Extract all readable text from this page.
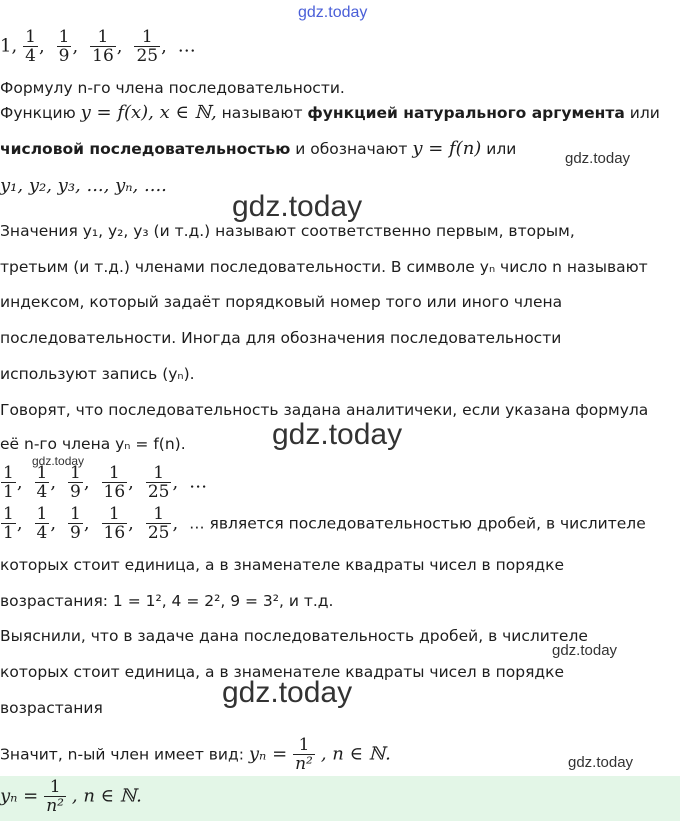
gdz.today
gdz.today
gdz.today
gdz.today
gdz.today
gdz.today
gdz.today
gdz.today
1, $\frac{1}{4}$ , $\frac{1}{9}$ , $\frac{1}{16}$ , $\frac{1}{25}$ , …
Формулу n-го члена последовательности.
Функцию y = f(x), x ∈ ℕ, называют функцией натурального аргумента или
числовой последовательностью и обозначают y = f(n) или
y₁, y₂, y₃, ..., yₙ, ....
Значения y₁, y₂, y₃ (и т.д.) называют соответственно первым, вторым,
третьим (и т.д.) членами последовательности. В символе yₙ число n называют
индексом, который задаёт порядковый номер того или иного члена
последовательности. Иногда для обозначения последовательности
используют запись (yₙ).
Говорят, что последовательность задана аналитичеки, если указана формула
её n-го члена yₙ = f(n).
$\frac{1}{1}$ , $\frac{1}{4}$ , $\frac{1}{9}$ , $\frac{1}{16}$ , $\frac{1}{25}$ , …
$\frac{1}{1}$ , $\frac{1}{4}$ , $\frac{1}{9}$ , $\frac{1}{16}$ , $\frac{1}{25}$ , … является последовательностью дробей, в числителе
которых стоит единица, а в знаменателе квадраты чисел в порядке
возрастания: 1 = 1², 4 = 2², 9 = 3², и т.д.
Выяснили, что в задаче дана последовательность дробей, в числителе
которых стоит единица, а в знаменателе квадраты чисел в порядке
возрастания
Значит, n-ый член имеет вид: $y_n = \frac{1}{\text{n²}}$ , n ∈ ℕ.
$y_n = \frac{1}{\text{n²}}$ , n ∈ ℕ.
